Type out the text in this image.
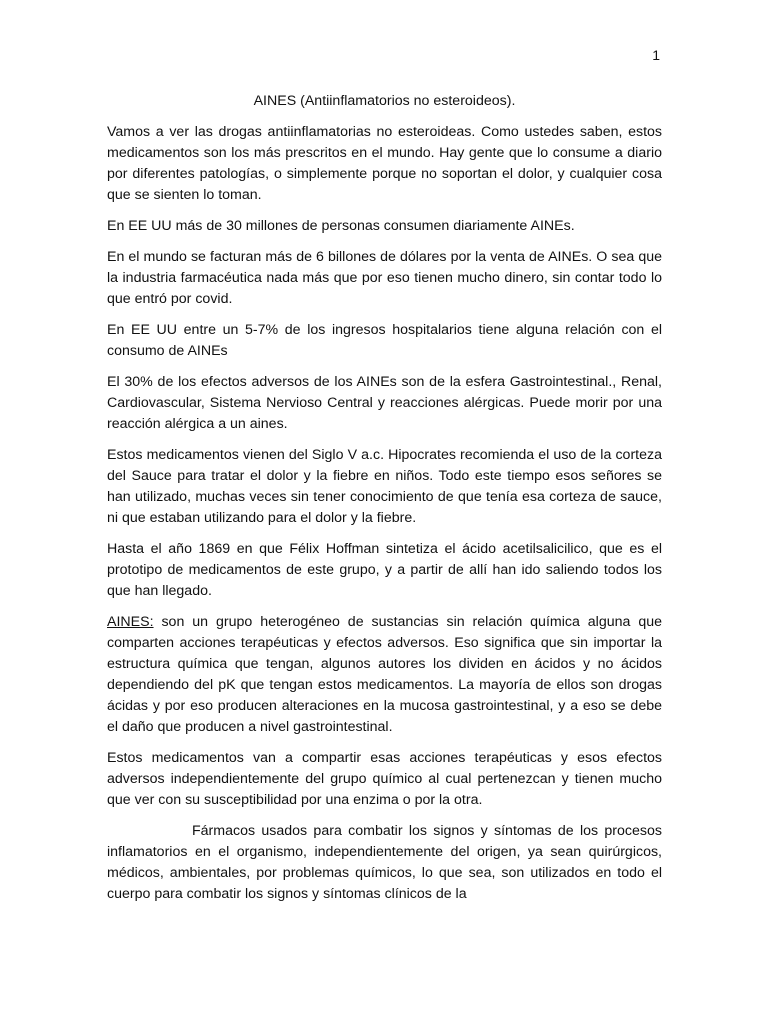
1

AINES (Antiinflamatorios no esteroideos).

Vamos a ver las drogas antiinflamatorias no esteroideas. Como ustedes saben, estos medicamentos son los más prescritos en el mundo. Hay gente que lo consume a diario por diferentes patologías, o simplemente porque no soportan el dolor, y cualquier cosa que se sienten lo toman.

En EE UU más de 30 millones de personas consumen diariamente AINEs.

En el mundo se facturan más de 6 billones de dólares por la venta de AINEs. O sea que la industria farmacéutica nada más que por eso tienen mucho dinero, sin contar todo lo que entró por covid.

En EE UU entre un 5-7% de los ingresos hospitalarios tiene alguna relación con el consumo de AINEs

El 30% de los efectos adversos de los AINEs son de la esfera Gastrointestinal., Renal, Cardiovascular, Sistema Nervioso Central y reacciones alérgicas. Puede morir por una reacción alérgica a un aines.

Estos medicamentos vienen del Siglo V a.c. Hipocrates recomienda el uso de la corteza del Sauce para tratar el dolor y la fiebre en niños. Todo este tiempo esos señores se han utilizado, muchas veces sin tener conocimiento de que tenía esa corteza de sauce, ni que estaban utilizando para el dolor y la fiebre.

Hasta el año 1869 en que Félix Hoffman sintetiza el ácido acetilsalicilico, que es el prototipo de medicamentos de este grupo, y a partir de allí han ido saliendo todos los que han llegado.

AINES: son un grupo heterogéneo de sustancias sin relación química alguna que comparten acciones terapéuticas y efectos adversos. Eso significa que sin importar la estructura química que tengan, algunos autores los dividen en ácidos y no ácidos dependiendo del pK que tengan estos medicamentos. La mayoría de ellos son drogas ácidas y por eso producen alteraciones en la mucosa gastrointestinal, y a eso se debe el daño que producen a nivel gastrointestinal.

Estos medicamentos van a compartir esas acciones terapéuticas y esos efectos adversos independientemente del grupo químico al cual pertenezcan y tienen mucho que ver con su susceptibilidad por una enzima o por la otra.

Fármacos usados para combatir los signos y síntomas de los procesos inflamatorios en el organismo, independientemente del origen, ya sean quirúrgicos, médicos, ambientales, por problemas químicos, lo que sea, son utilizados en todo el cuerpo para combatir los signos y síntomas clínicos de la
